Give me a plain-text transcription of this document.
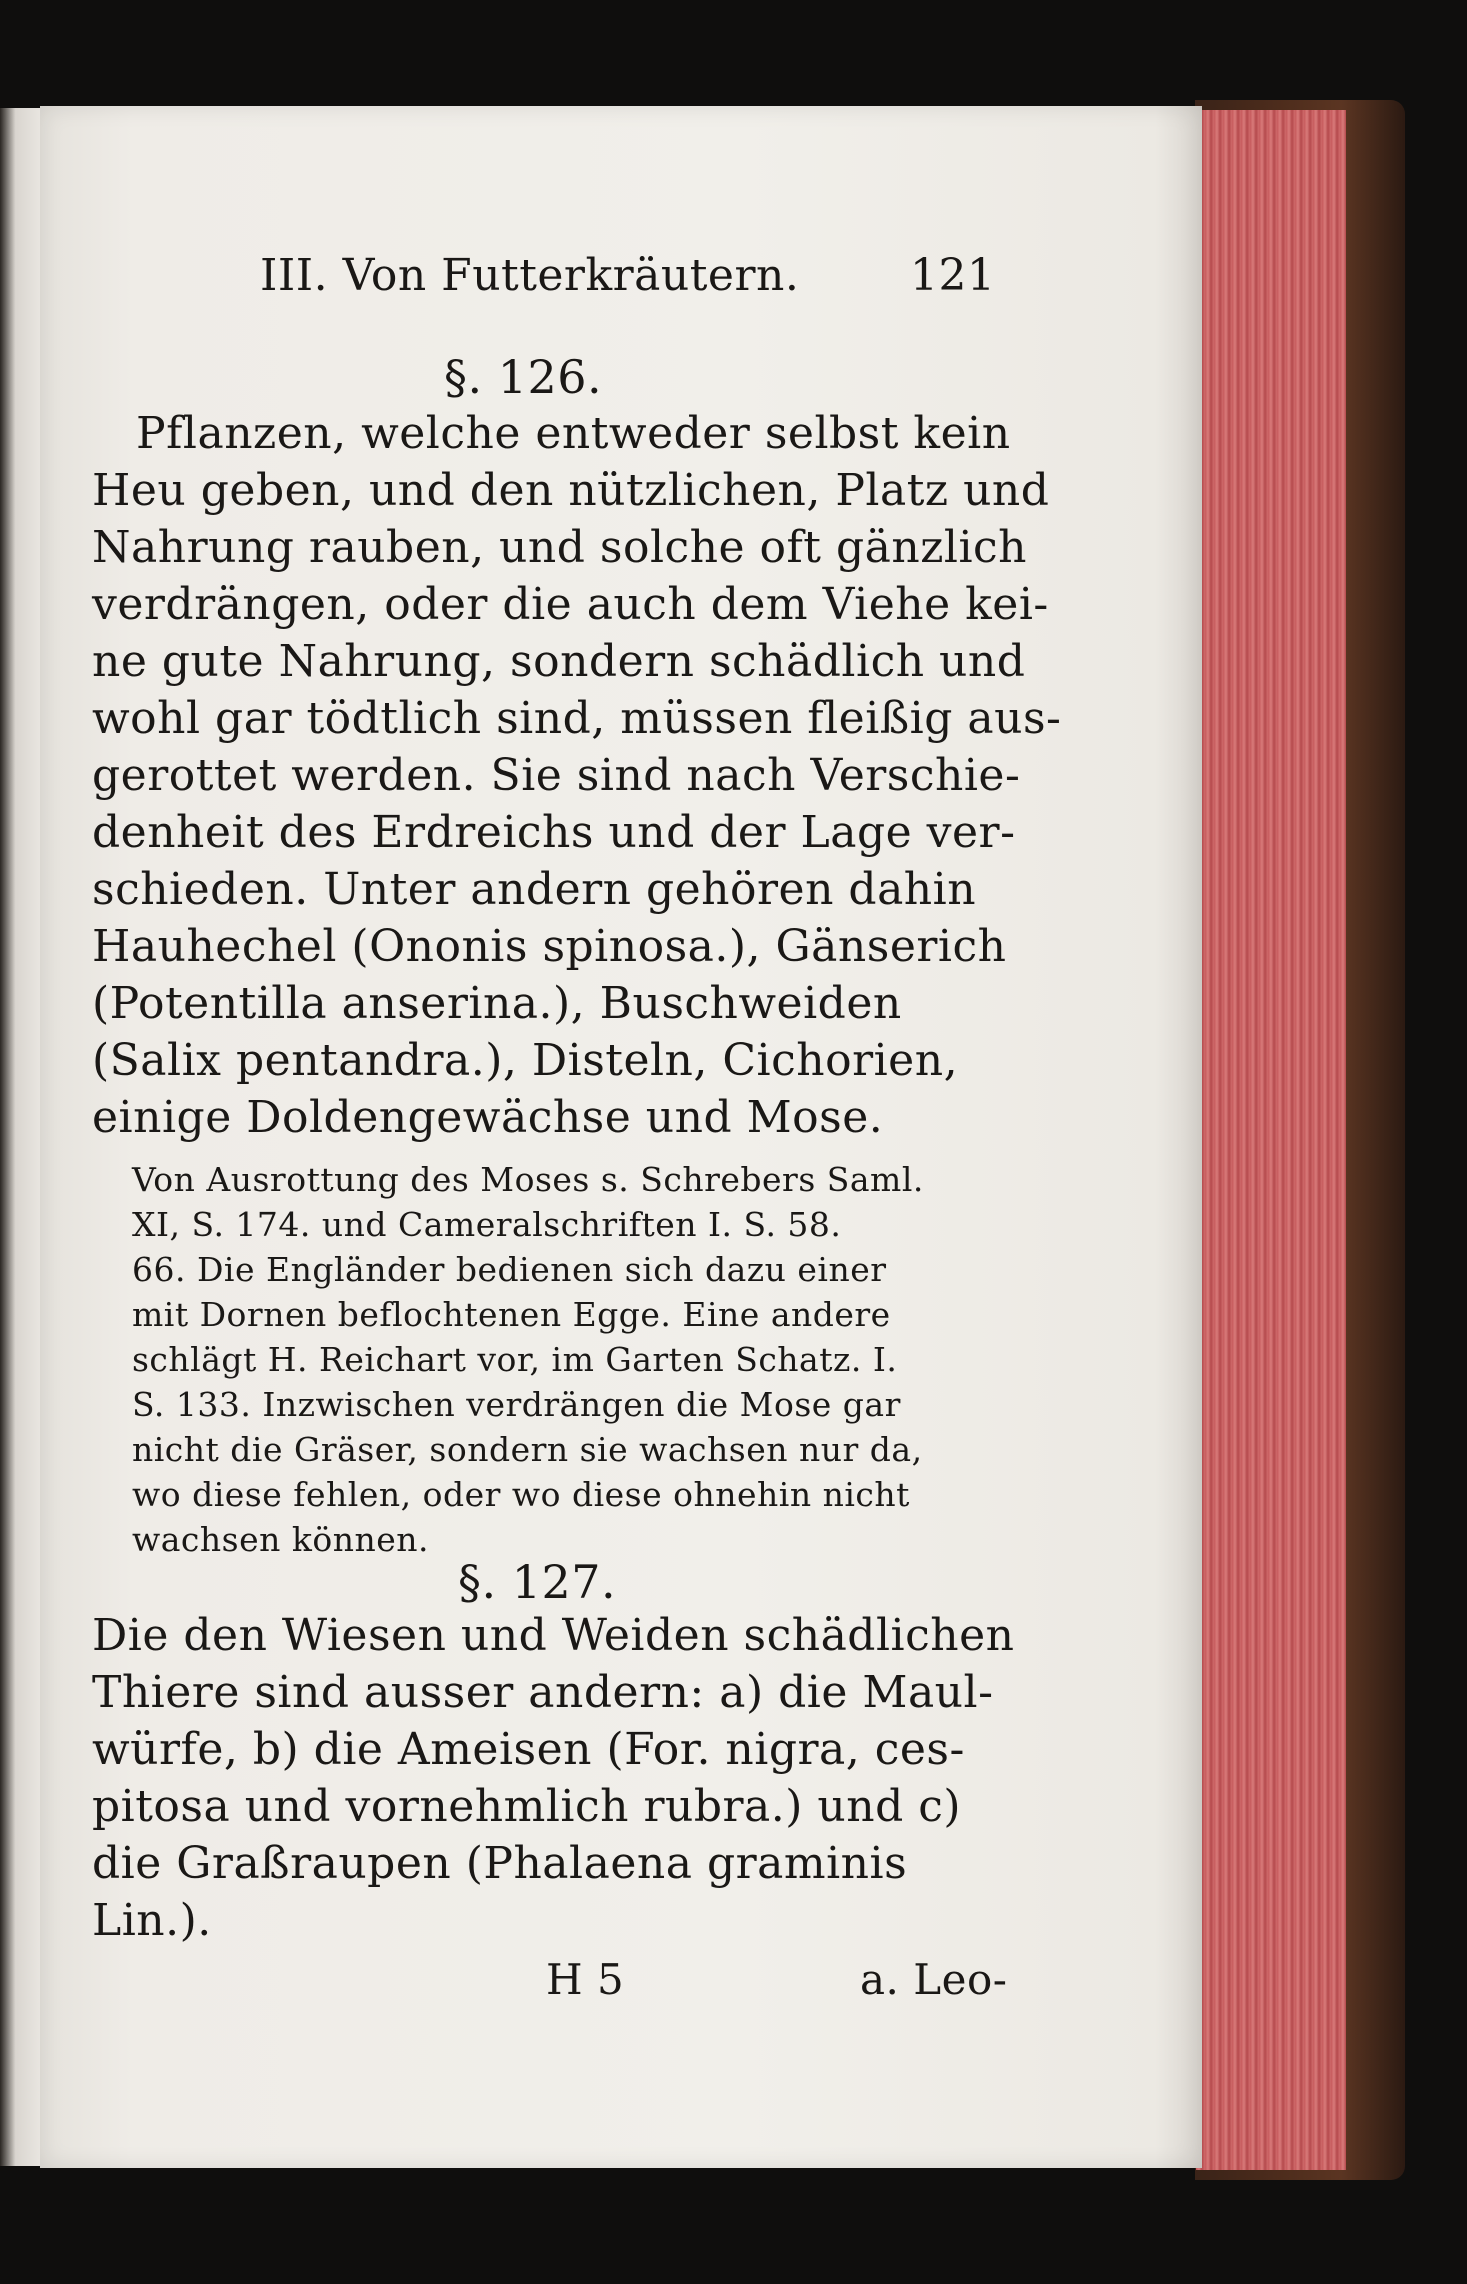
III. Von Futterkräutern.	121
§. 126.
Pflanzen, welche entweder selbst kein
Heu geben, und den nützlichen, Platz und
Nahrung rauben, und solche oft gänzlich
verdrängen, oder die auch dem Viehe kei-
ne gute Nahrung, sondern schädlich und
wohl gar tödtlich sind, müssen fleißig aus-
gerottet werden. Sie sind nach Verschie-
denheit des Erdreichs und der Lage ver-
schieden. Unter andern gehören dahin
Hauhechel (Ononis spinosa.), Gänserich
(Potentilla anserina.), Buschweiden
(Salix pentandra.), Disteln, Cichorien,
einige Doldengewächse und Mose.
Von Ausrottung des Moses s. Schrebers Saml.
XI, S. 174. und Cameralschriften I. S. 58.
66. Die Engländer bedienen sich dazu einer
mit Dornen beflochtenen Egge. Eine andere
schlägt H. Reichart vor, im Garten Schatz. I.
S. 133. Inzwischen verdrängen die Mose gar
nicht die Gräser, sondern sie wachsen nur da,
wo diese fehlen, oder wo diese ohnehin nicht
wachsen können.
§. 127.
Die den Wiesen und Weiden schädlichen
Thiere sind ausser andern: a) die Maul-
würfe, b) die Ameisen (For. nigra, ces-
pitosa und vornehmlich rubra.) und c)
die Graßraupen (Phalaena graminis
Lin.).
H 5	a. Leo-
